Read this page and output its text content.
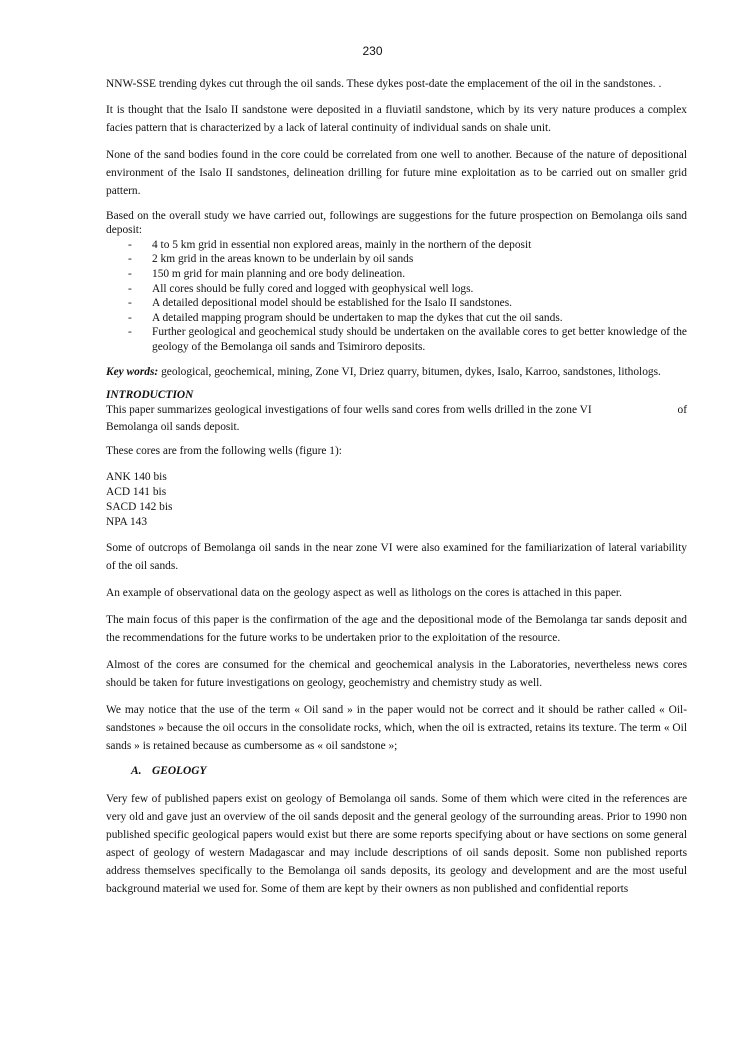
230

NNW-SSE trending dykes cut through the oil sands. These dykes post-date the emplacement of the oil in the sandstones. .

It is thought that the Isalo II sandstone were deposited in a fluviatil sandstone, which by its very nature produces a complex facies pattern that is characterized by a lack of lateral continuity of individual sands on shale unit.

None of the sand bodies found in the core could be correlated from one well to another. Because of the nature of depositional environment of the Isalo II sandstones, delineation drilling for future mine exploitation as to be carried out on smaller grid pattern.

Based on the overall study we have carried out, followings are suggestions for the future prospection on Bemolanga oils sand deposit:

- 4 to 5 km grid in essential non explored areas, mainly in the northern of the deposit
- 2 km grid in the areas known to be underlain by oil sands
- 150 m grid for main planning and ore body delineation.
- All cores should be fully cored and logged with geophysical well logs.
- A detailed depositional model should be established for the Isalo II sandstones.
- A detailed mapping program should be undertaken to map the dykes that cut the oil sands.
- Further geological and geochemical study should be undertaken on the available cores to get better knowledge of the geology of the Bemolanga oil sands and Tsimiroro deposits.

Key words: geological, geochemical, mining, Zone VI, Driez quarry, bitumen, dykes, Isalo, Karroo, sandstones, lithologs.

INTRODUCTION
This paper summarizes geological investigations of four wells sand cores from wells drilled in the zone VI	of

Bemolanga oil sands deposit.

These cores are from the following wells (figure 1):

ANK 140 bis
ACD 141 bis
SACD 142 bis
NPA 143

Some of outcrops of Bemolanga oil sands in the near zone VI were also examined for the familiarization of lateral variability of the oil sands.

An example of observational data on the geology aspect as well as lithologs on the cores is attached in this paper.

The main focus of this paper is the confirmation of the age and the depositional mode of the Bemolanga tar sands deposit and the recommendations for the future works to be undertaken prior to the exploitation of the resource.

Almost of the cores are consumed for the chemical and geochemical analysis in the Laboratories, nevertheless news cores should be taken for future investigations on geology, geochemistry and chemistry study as well.

We may notice that the use of the term « Oil sand » in the paper would not be correct and it should be rather called « Oil- sandstones » because the oil occurs in the consolidate rocks, which, when the oil is extracted, retains its texture. The term « Oil sands » is retained because as cumbersome as « oil sandstone »;

A. GEOLOGY

Very few of published papers exist on geology of Bemolanga oil sands. Some of them which were cited in the references are very old and gave just an overview of the oil sands deposit and the general geology of the surrounding areas. Prior to 1990 non published specific geological papers would exist but there are some reports specifying about or have sections on some general aspect of geology of western Madagascar and may include descriptions of oil sands deposit. Some non published reports address themselves specifically to the Bemolanga oil sands deposits, its geology and development and are the most useful background material we used for. Some of them are kept by their owners as non published and confidential reports
